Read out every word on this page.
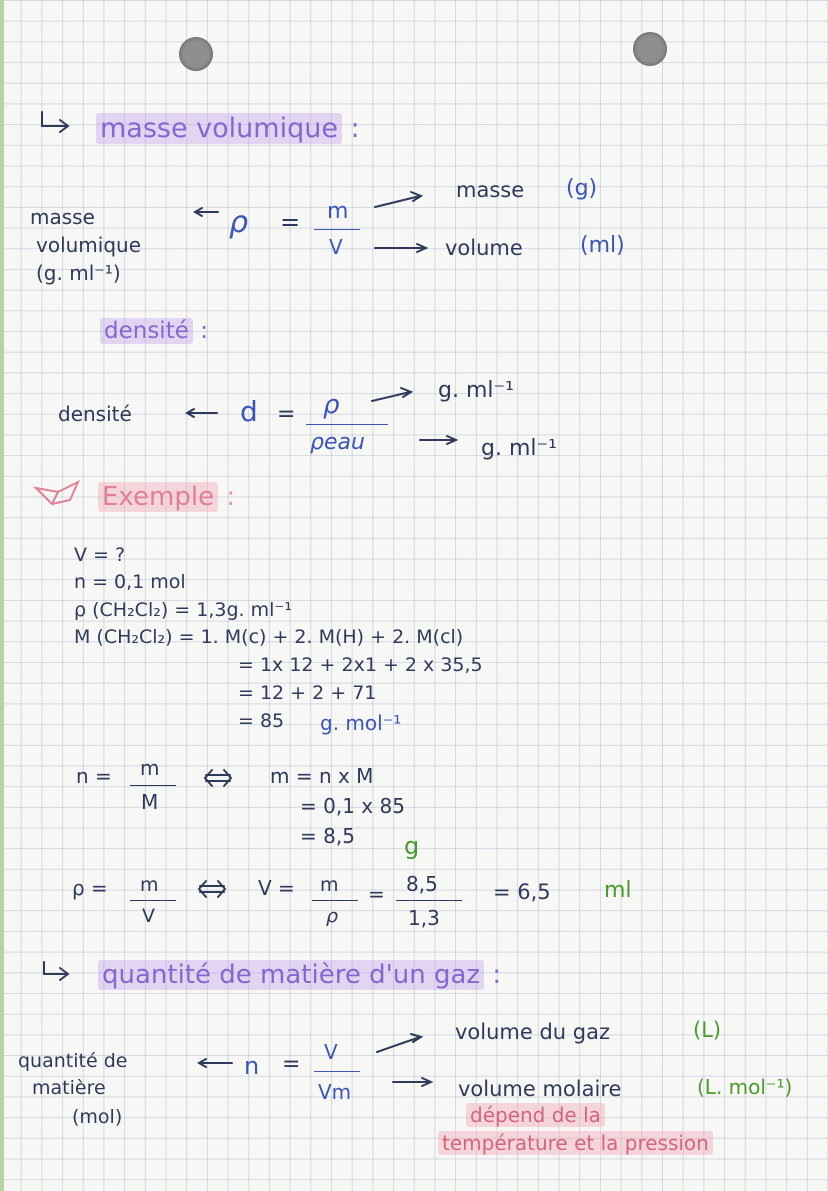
masse volumique :
masse
volumique
(g. ml⁻¹)
ρ = m
V
masse (g)
volume	(ml)
densité :
densité	d = ρ
ρeau
g. ml⁻¹
g. ml⁻¹
Exemple :
V = ?
n = 0,1 mol
ρ (CH₂Cl₂) = 1,3g. ml⁻¹
M (CH₂Cl₂) = 1. M(c) + 2. M(H) + 2. M(cl)
= 1x 12 + 2x1 + 2 x 35,5
= 12 + 2 + 71
= 85 g. mol⁻¹
n = m
M
m = n x M
= 0,1 x 85
= 8,5 g
ρ = m
V
V = m
ρ
= 8,5
1,3
= 6,5 ml
quantité de matière d'un gaz :
quantité de
matière
(mol)
n = V
Vm
volume du gaz	(L)
volume molaire	(L. mol⁻¹)
dépend de la
température et la pression
